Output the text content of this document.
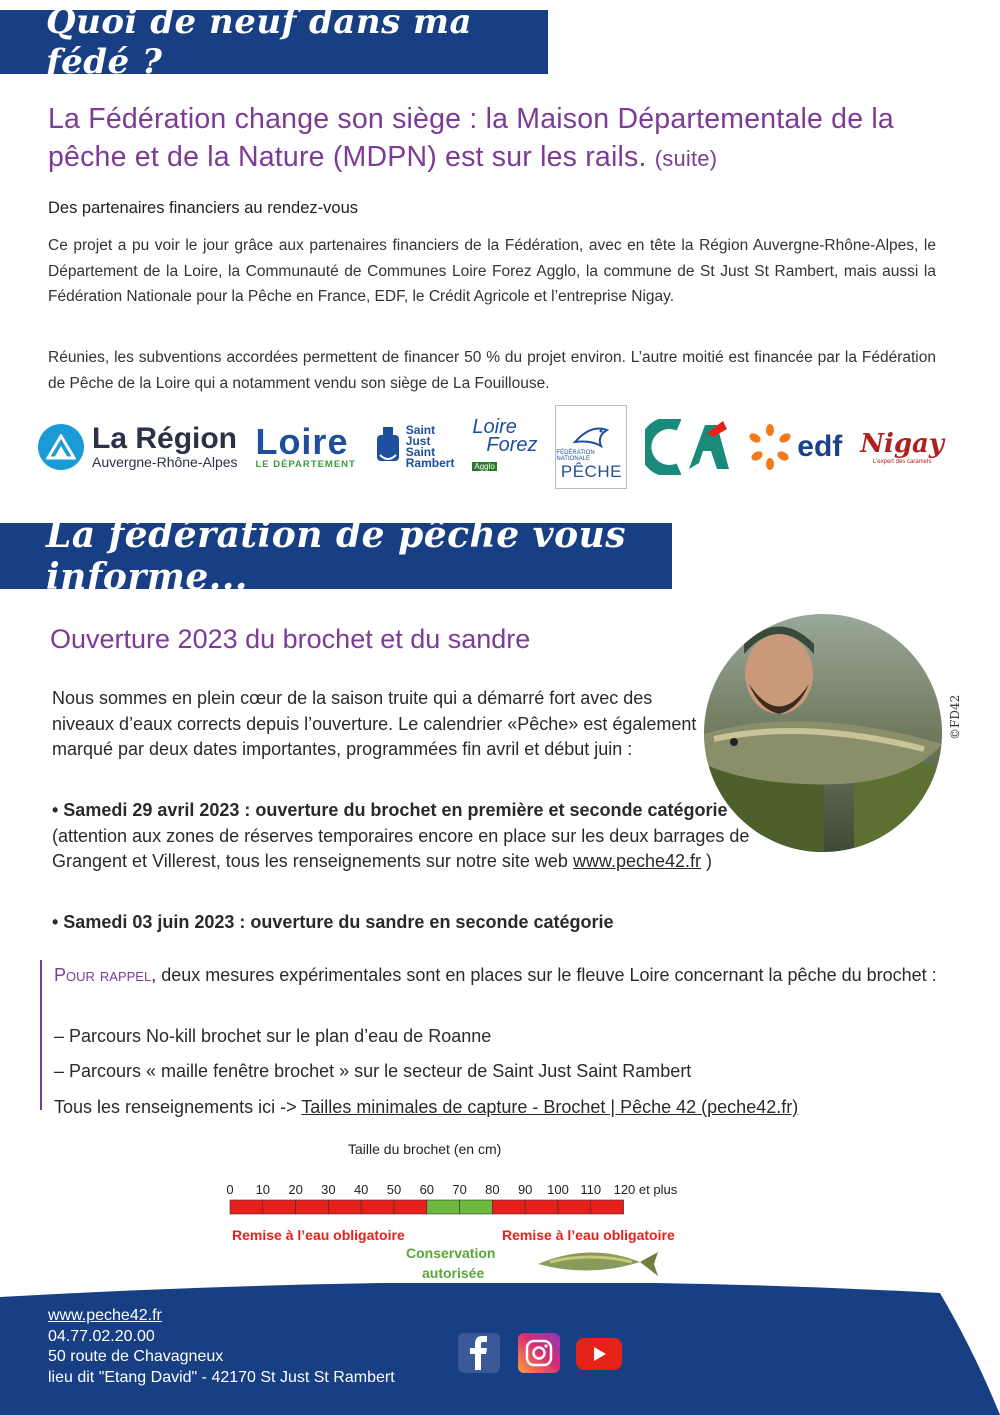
Quoi de neuf dans ma fédé ?
La Fédération change son siège : la Maison Départementale de la pêche et de la Nature (MDPN) est sur les rails. (suite)
Des partenaires financiers au rendez-vous
Ce projet a pu voir le jour grâce aux partenaires financiers de la Fédération, avec en tête la Région Auvergne-Rhône-Alpes, le Département de la Loire, la Communauté de Communes Loire Forez Agglo, la commune de St Just St Rambert, mais aussi la Fédération Nationale pour la Pêche en France, EDF, le Crédit Agricole et l’entreprise Nigay.
Réunies, les subventions accordées permettent de financer 50 % du projet environ. L’autre moitié est financée par la Fédération de Pêche de la Loire qui a notamment vendu son siège de La Fouillouse.
La Région
Auvergne-Rhône-Alpes
Loire
LE DÉPARTEMENT
Saint
Just
Saint
Rambert
Loire
Forez
Agglo
FÉDÉRATION NATIONALE
PÊCHE
edf Nigay
L'expert des caramels
La fédération de pêche vous informe...
Ouverture 2023 du brochet et du sandre
©FD42
Nous sommes en plein cœur de la saison truite qui a démarré fort avec des niveaux d’eaux corrects depuis l’ouverture. Le calendrier «Pêche» est également marqué par deux dates importantes, programmées fin avril et début juin :
• Samedi 29 avril 2023 : ouverture du brochet en première et seconde catégorie (attention aux zones de réserves temporaires encore en place sur les deux barrages de Grangent et Villerest, tous les renseignements sur notre site web www.peche42.fr )
• Samedi 03 juin 2023 : ouverture du sandre en seconde catégorie
Pour rappel, deux mesures expérimentales sont en places sur le fleuve Loire concernant la pêche du brochet :
– Parcours No-kill brochet sur le plan d’eau de Roanne
– Parcours « maille fenêtre brochet » sur le secteur de Saint Just Saint Rambert
Tous les renseignements ici -> Tailles minimales de capture - Brochet | Pêche 42 (peche42.fr)
Taille du brochet (en cm)
0 10 20 30 40 50 60 70 80 90 100 110 120 et plus
Remise à l’eau obligatoire
Conservation
autorisée
Remise à l’eau obligatoire
www.peche42.fr
04.77.02.20.00
50 route de Chavagneux
lieu dit "Etang David" - 42170 St Just St Rambert
